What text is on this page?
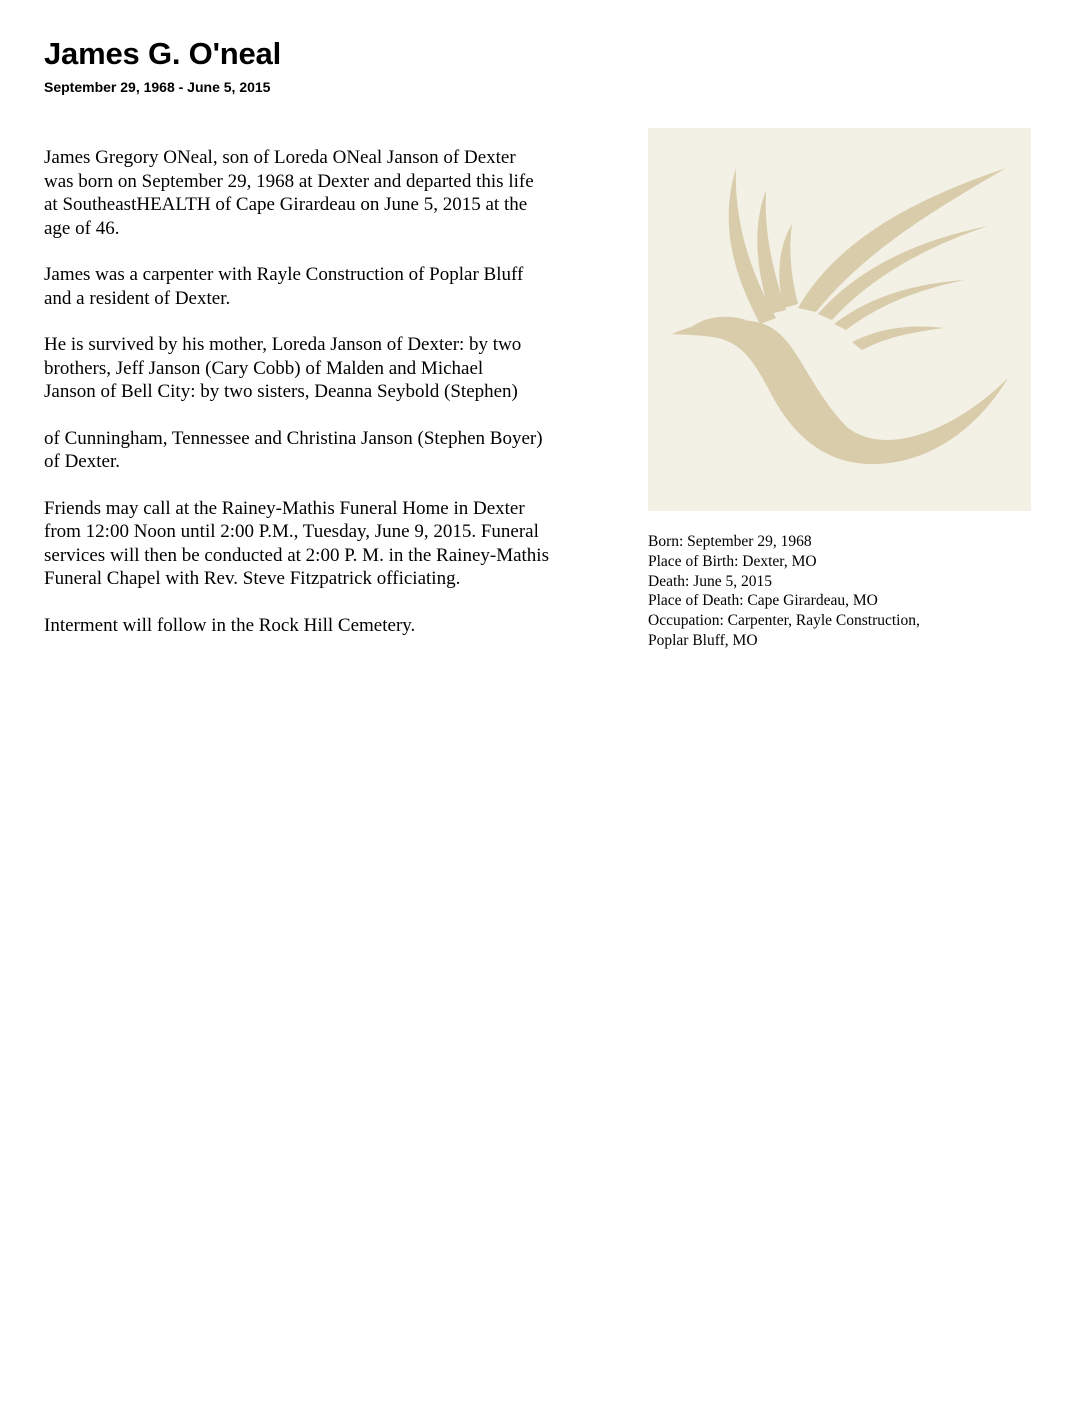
James G. O'neal
September 29, 1968 - June 5, 2015

James Gregory ONeal, son of Loreda ONeal Janson of Dexter
was born on September 29, 1968 at Dexter and departed this life
at SoutheastHEALTH of Cape Girardeau on June 5, 2015 at the
age of 46.

James was a carpenter with Rayle Construction of Poplar Bluff
and a resident of Dexter.

He is survived by his mother, Loreda Janson of Dexter: by two
brothers, Jeff Janson (Cary Cobb) of Malden and Michael
Janson of Bell City: by two sisters, Deanna Seybold (Stephen)

of Cunningham, Tennessee and Christina Janson (Stephen Boyer)
of Dexter.

Friends may call at the Rainey-Mathis Funeral Home in Dexter
from 12:00 Noon until 2:00 P.M., Tuesday, June 9, 2015. Funeral
services will then be conducted at 2:00 P. M. in the Rainey-Mathis
Funeral Chapel with Rev. Steve Fitzpatrick officiating.

Interment will follow in the Rock Hill Cemetery.

Born: September 29, 1968
Place of Birth: Dexter, MO
Death: June 5, 2015
Place of Death: Cape Girardeau, MO
Occupation: Carpenter, Rayle Construction,
Poplar Bluff, MO
